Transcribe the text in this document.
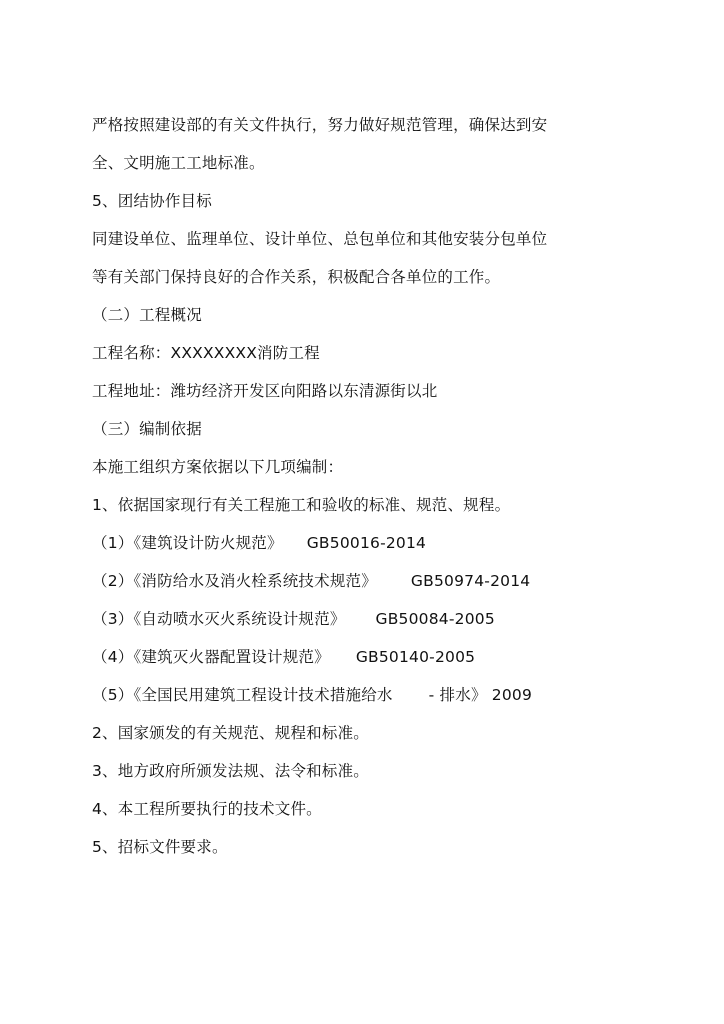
严格按照建设部的有关文件执行，努力做好规范管理，确保达到安
全、文明施工工地标准。
5、团结协作目标
同建设单位、监理单位、设计单位、总包单位和其他安装分包单位
等有关部门保持良好的合作关系，积极配合各单位的工作。
（二）工程概况
工程名称：XXXXXXXX消防工程
工程地址：潍坊经济开发区向阳路以东清源街以北
（三）编制依据
本施工组织方案依据以下几项编制：
1、依据国家现行有关工程施工和验收的标准、规范、规程。
（1）《建筑设计防火规范》 GB50016-2014
（2）《消防给水及消火栓系统技术规范》 GB50974-2014
（3）《自动喷水灭火系统设计规范》 GB50084-2005
（4）《建筑灭火器配置设计规范》 GB50140-2005
（5）《全国民用建筑工程设计技术措施给水 - 排水》 2009
2、国家颁发的有关规范、规程和标准。
3、地方政府所颁发法规、法令和标准。
4、本工程所要执行的技术文件。
5、招标文件要求。
